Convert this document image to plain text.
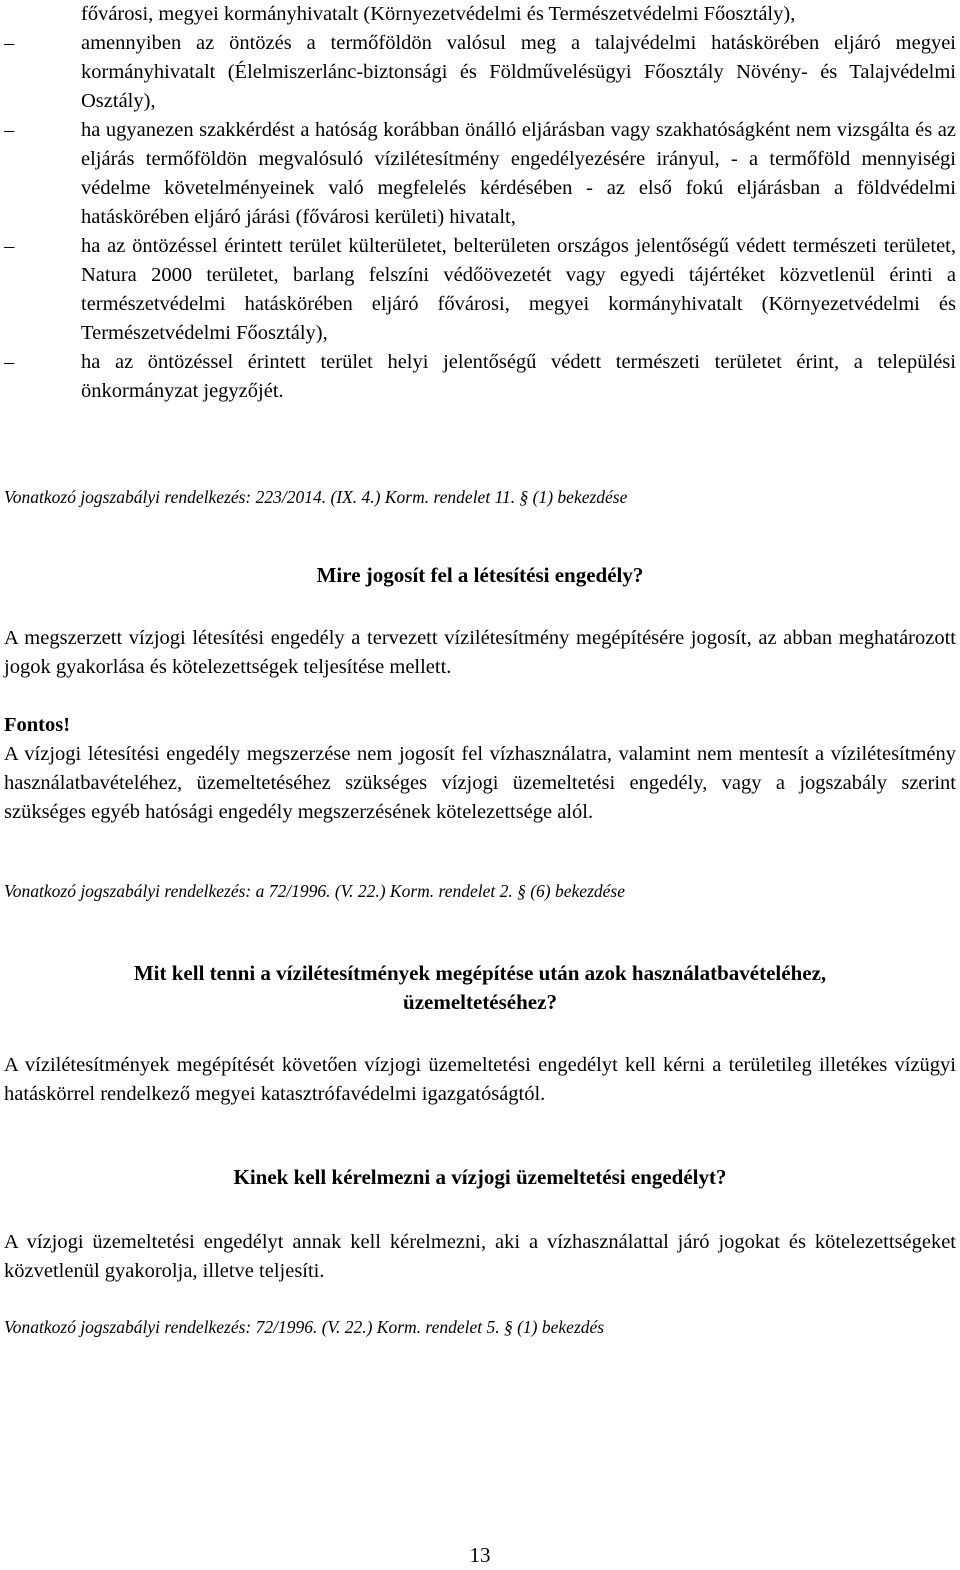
fővárosi, megyei kormányhivatalt (Környezetvédelmi és Természetvédelmi Főosztály),

–	amennyiben az öntözés a termőföldön valósul meg a talajvédelmi hatáskörében eljáró megyei kormányhivatalt (Élelmiszerlánc-biztonsági és Földművelésügyi Főosztály Növény- és Talajvédelmi Osztály),

–	ha ugyanezen szakkérdést a hatóság korábban önálló eljárásban vagy szakhatóságként nem vizsgálta és az eljárás termőföldön megvalósuló vízilétesítmény engedélyezésére irányul, - a termőföld mennyiségi védelme követelményeinek való megfelelés kérdésében - az első fokú eljárásban a földvédelmi hatáskörében eljáró járási (fővárosi kerületi) hivatalt,

–	ha az öntözéssel érintett terület külterületet, belterületen országos jelentőségű védett természeti területet, Natura 2000 területet, barlang felszíni védőövezetét vagy egyedi tájértéket közvetlenül érinti a természetvédelmi hatáskörében eljáró fővárosi, megyei kormányhivatalt (Környezetvédelmi és Természetvédelmi Főosztály),

–	ha az öntözéssel érintett terület helyi jelentőségű védett természeti területet érint, a települési önkormányzat jegyzőjét.

Vonatkozó jogszabályi rendelkezés: 223/2014. (IX. 4.) Korm. rendelet 11. § (1) bekezdése

Mire jogosít fel a létesítési engedély?

A megszerzett vízjogi létesítési engedély a tervezett vízilétesítmény megépítésére jogosít, az abban meghatározott jogok gyakorlása és kötelezettségek teljesítése mellett.

Fontos!

A vízjogi létesítési engedély megszerzése nem jogosít fel vízhasználatra, valamint nem mentesít a vízilétesítmény használatbavételéhez, üzemeltetéséhez szükséges vízjogi üzemeltetési engedély, vagy a jogszabály szerint szükséges egyéb hatósági engedély megszerzésének kötelezettsége alól.

Vonatkozó jogszabályi rendelkezés: a 72/1996. (V. 22.) Korm. rendelet 2. § (6) bekezdése

Mit kell tenni a vízilétesítmények megépítése után azok használatbavételéhez,
üzemeltetéséhez?

A vízilétesítmények megépítését követően vízjogi üzemeltetési engedélyt kell kérni a területileg illetékes vízügyi hatáskörrel rendelkező megyei katasztrófavédelmi igazgatóságtól.

Kinek kell kérelmezni a vízjogi üzemeltetési engedélyt?

A vízjogi üzemeltetési engedélyt annak kell kérelmezni, aki a vízhasználattal járó jogokat és kötelezettségeket közvetlenül gyakorolja, illetve teljesíti.

Vonatkozó jogszabályi rendelkezés: 72/1996. (V. 22.) Korm. rendelet 5. § (1) bekezdés

13
